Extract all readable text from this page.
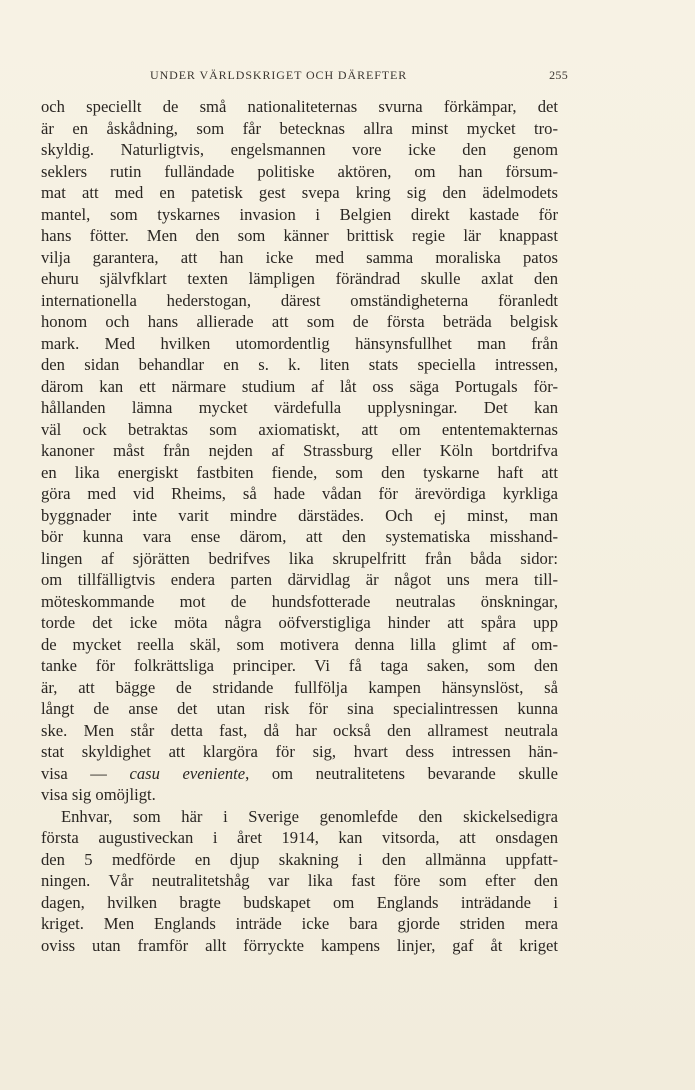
UNDER VÄRLDSKRIGET OCH DÄREFTER	255
och speciellt de små nationaliteternas svurna förkämpar, det
är en åskådning, som får betecknas allra minst mycket tro-
skyldig. Naturligtvis, engelsmannen vore icke den genom
seklers rutin fulländade politiske aktören, om han försum-
mat att med en patetisk gest svepa kring sig den ädelmodets
mantel, som tyskarnes invasion i Belgien direkt kastade för
hans fötter. Men den som känner brittisk regie lär knappast
vilja garantera, att han icke med samma moraliska patos
ehuru självfklart texten lämpligen förändrad skulle axlat den
internationella hederstogan, därest omständigheterna föranledt
honom och hans allierade att som de första beträda belgisk
mark. Med hvilken utomordentlig hänsynsfullhet man från
den sidan behandlar en s. k. liten stats speciella intressen,
därom kan ett närmare studium af låt oss säga Portugals för-
hållanden lämna mycket värdefulla upplysningar. Det kan
väl ock betraktas som axiomatiskt, att om ententemakternas
kanoner måst från nejden af Strassburg eller Köln bortdrifva
en lika energiskt fastbiten fiende, som den tyskarne haft att
göra med vid Rheims, så hade vådan för ärevördiga kyrkliga
byggnader inte varit mindre därstädes. Och ej minst, man
bör kunna vara ense därom, att den systematiska misshand-
lingen af sjörätten bedrifves lika skrupelfritt från båda sidor:
om tillfälligtvis endera parten därvidlag är något uns mera till-
möteskommande mot de hundsfotterade neutralas önskningar,
torde det icke möta några oöfverstigliga hinder att spåra upp
de mycket reella skäl, som motivera denna lilla glimt af om-
tanke för folkrättsliga principer. Vi få taga saken, som den
är, att bägge de stridande fullfölja kampen hänsynslöst, så
långt de anse det utan risk för sina specialintressen kunna
ske. Men står detta fast, då har också den allramest neutrala
stat skyldighet att klargöra för sig, hvart dess intressen hän-
visa — casu eveniente, om neutralitetens bevarande skulle
visa sig omöjligt.
Enhvar, som här i Sverige genomlefde den skickelsedigra
första augustiveckan i året 1914, kan vitsorda, att onsdagen
den 5 medförde en djup skakning i den allmänna uppfatt-
ningen. Vår neutralitetshåg var lika fast före som efter den
dagen, hvilken bragte budskapet om Englands inträdande i
kriget. Men Englands inträde icke bara gjorde striden mera
oviss utan framför allt förryckte kampens linjer, gaf åt kriget
